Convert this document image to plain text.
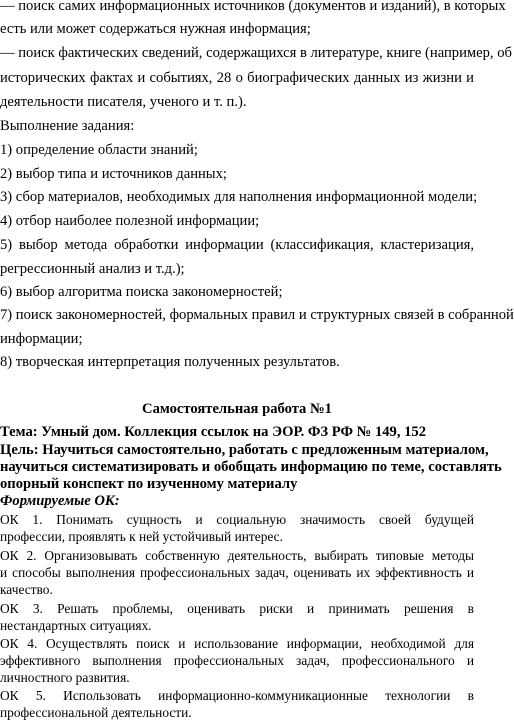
— поиск самих информационных источников (документов и изданий), в которых
есть или может содержаться нужная информация;
— поиск фактических сведений, содержащихся в литературе, книге (например, об
исторических фактах и событиях, 28 о биографических данных из жизни и
деятельности писателя, ученого и т. п.).
Выполнение задания:
1) определение области знаний;
2) выбор типа и источников данных;
3) сбор материалов, необходимых для наполнения информационной модели;
4) отбор наиболее полезной информации;
5) выбор метода обработки информации (классификация, кластеризация,
регрессионный анализ и т.д.);
6) выбор алгоритма поиска закономерностей;
7) поиск закономерностей, формальных правил и структурных связей в собранной
информации;
8) творческая интерпретация полученных результатов.
Самостоятельная работа №1
Тема: Умный дом. Коллекция ссылок на ЭОР. ФЗ РФ № 149, 152
Цель: Научиться самостоятельно, работать с предложенным материалом,
научиться систематизировать и обобщать информацию по теме, составлять
опорный конспект по изученному материалу
Формируемые ОК:
ОК 1. Понимать сущность и социальную значимость своей будущей
профессии, проявлять к ней устойчивый интерес.
ОК 2. Организовывать собственную деятельность, выбирать типовые методы
и способы выполнения профессиональных задач, оценивать их эффективность и
качество.
ОК 3. Решать проблемы, оценивать риски и принимать решения в
нестандартных ситуациях.
ОК 4. Осуществлять поиск и использование информации, необходимой для
эффективного выполнения профессиональных задач, профессионального и
личностного развития.
ОК 5. Использовать информационно-коммуникационные технологии в
профессиональной деятельности.
